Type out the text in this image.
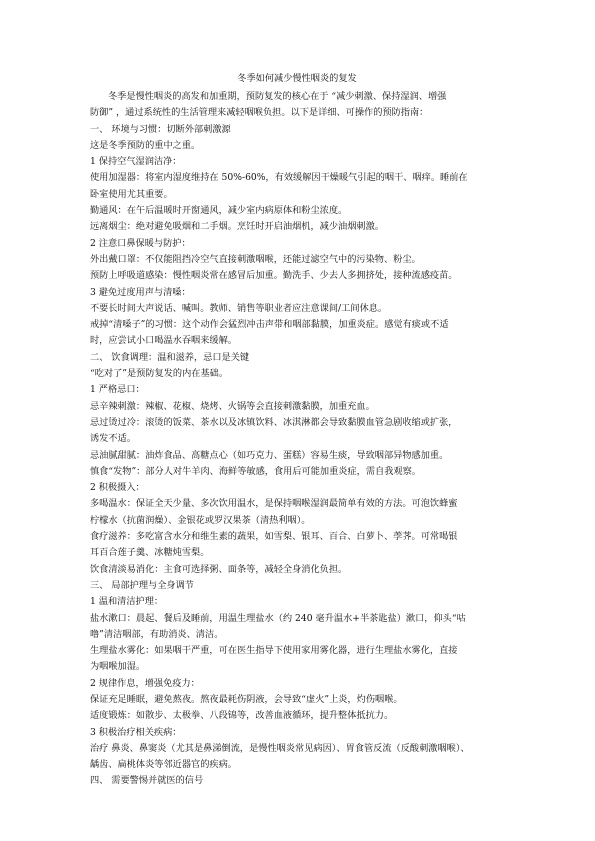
冬季如何减少慢性咽炎的复发
冬季是慢性咽炎的高发和加重期，预防复发的核心在于 “减少刺激、保持湿润、增强
防御” ，通过系统性的生活管理来减轻咽喉负担。以下是详细、可操作的预防指南：
一、 环境与习惯：切断外部刺激源
这是冬季预防的重中之重。
1 保持空气湿润洁净：
使用加湿器：将室内湿度维持在 50%-60%，有效缓解因干燥暖气引起的咽干、咽痒。睡前在
卧室使用尤其重要。
勤通风：在午后温暖时开窗通风，减少室内病原体和粉尘浓度。
远离烟尘：绝对避免吸烟和二手烟。烹饪时开启油烟机，减少油烟刺激。
2 注意口鼻保暖与防护：
外出戴口罩：不仅能阻挡冷空气直接刺激咽喉，还能过滤空气中的污染物、粉尘。
预防上呼吸道感染：慢性咽炎常在感冒后加重。勤洗手、少去人多拥挤处，接种流感疫苗。
3 避免过度用声与清嗓：
不要长时间大声说话、喊叫。教师、销售等职业者应注意课间/工间休息。
戒掉“清嗓子”的习惯：这个动作会猛烈冲击声带和咽部黏膜，加重炎症。感觉有痰或不适
时，应尝试小口喝温水吞咽来缓解。
二、 饮食调理：温和滋养，忌口是关键
“吃对了”是预防复发的内在基础。
1 严格忌口：
忌辛辣刺激：辣椒、花椒、烧烤、火锅等会直接刺激黏膜，加重充血。
忌过烫过冷：滚烫的饭菜、茶水以及冰镇饮料、冰淇淋都会导致黏膜血管急剧收缩或扩张，
诱发不适。
忌油腻甜腻：油炸食品、高糖点心（如巧克力、蛋糕）容易生痰，导致咽部异物感加重。
慎食“发物”：部分人对牛羊肉、海鲜等敏感，食用后可能加重炎症，需自我观察。
2 积极摄入：
多喝温水：保证全天少量、多次饮用温水，是保持咽喉湿润最简单有效的方法。可泡饮蜂蜜
柠檬水（抗菌润燥）、金银花或罗汉果茶（清热利咽）。
食疗滋养：多吃富含水分和维生素的蔬果，如雪梨、银耳、百合、白萝卜、荸荠。可常喝银
耳百合莲子羹、冰糖炖雪梨。
饮食清淡易消化：主食可选择粥、面条等，减轻全身消化负担。
三、 局部护理与全身调节
1 温和清洁护理：
盐水漱口：晨起、餐后及睡前，用温生理盐水（约 240 毫升温水+半茶匙盐）漱口，仰头“咕
噜”清洁咽部，有助消炎、清洁。
生理盐水雾化：如果咽干严重，可在医生指导下使用家用雾化器，进行生理盐水雾化，直接
为咽喉加湿。
2 规律作息，增强免疫力：
保证充足睡眠，避免熬夜。熬夜最耗伤阴液，会导致“虚火”上炎，灼伤咽喉。
适度锻炼：如散步、太极拳、八段锦等，改善血液循环，提升整体抵抗力。
3 积极治疗相关疾病：
治疗 鼻炎、鼻窦炎（尤其是鼻涕倒流，是慢性咽炎常见病因）、胃食管反流（反酸刺激咽喉）、
龋齿、扁桃体炎等邻近器官的疾病。
四、 需要警惕并就医的信号
